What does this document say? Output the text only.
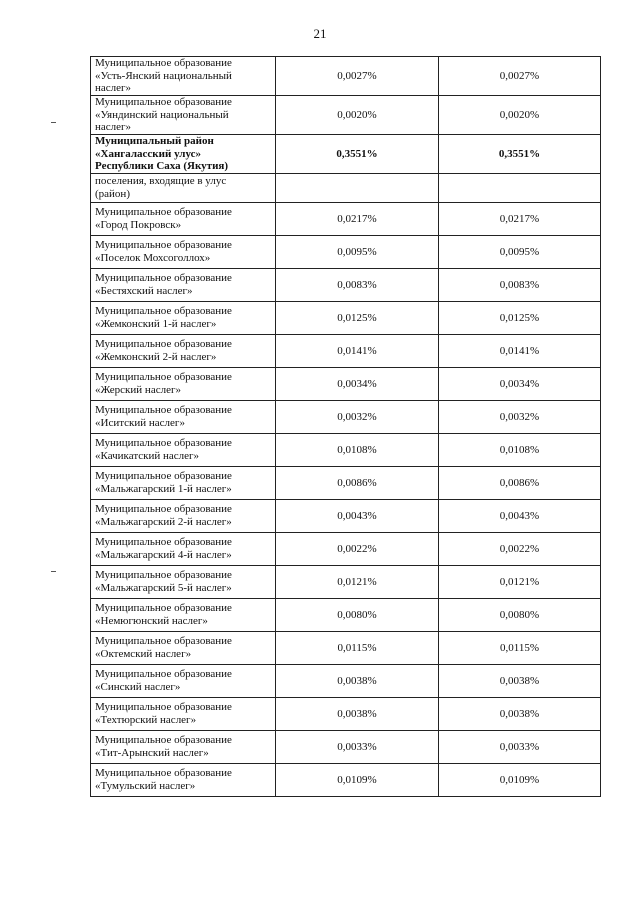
21
Муниципальное образование
«Усть-Янский национальный
наслег»	0,0027%	0,0027%

Муниципальное образование
«Уяндинский национальный
наслег»	0,0020%	0,0020%

Муниципальный район
«Хангаласский улус»
Республики Саха (Якутия)	0,3551%	0,3551%

поселения, входящие в улус
(район)		

Муниципальное образование
«Город Покровск»	0,0217%	0,0217%

Муниципальное образование
«Поселок Мохсоголлох»	0,0095%	0,0095%

Муниципальное образование
«Бестяхский наслег»	0,0083%	0,0083%

Муниципальное образование
«Жемконский 1-й наслег»	0,0125%	0,0125%

Муниципальное образование
«Жемконский 2-й наслег»	0,0141%	0,0141%

Муниципальное образование
«Жерский наслег»	0,0034%	0,0034%

Муниципальное образование
«Иситский наслег»	0,0032%	0,0032%

Муниципальное образование
«Качикатский наслег»	0,0108%	0,0108%

Муниципальное образование
«Мальжагарский 1-й наслег»	0,0086%	0,0086%

Муниципальное образование
«Мальжагарский 2-й наслег»	0,0043%	0,0043%

Муниципальное образование
«Мальжагарский 4-й наслег»	0,0022%	0,0022%

Муниципальное образование
«Мальжагарский 5-й наслег»	0,0121%	0,0121%

Муниципальное образование
«Немюгюнский наслег»	0,0080%	0,0080%

Муниципальное образование
«Октемский наслег»	0,0115%	0,0115%

Муниципальное образование
«Синский наслег»	0,0038%	0,0038%

Муниципальное образование
«Техтюрский наслег»	0,0038%	0,0038%

Муниципальное образование
«Тит-Арынский наслег»	0,0033%	0,0033%

Муниципальное образование
«Тумульский наслег»	0,0109%	0,0109%
